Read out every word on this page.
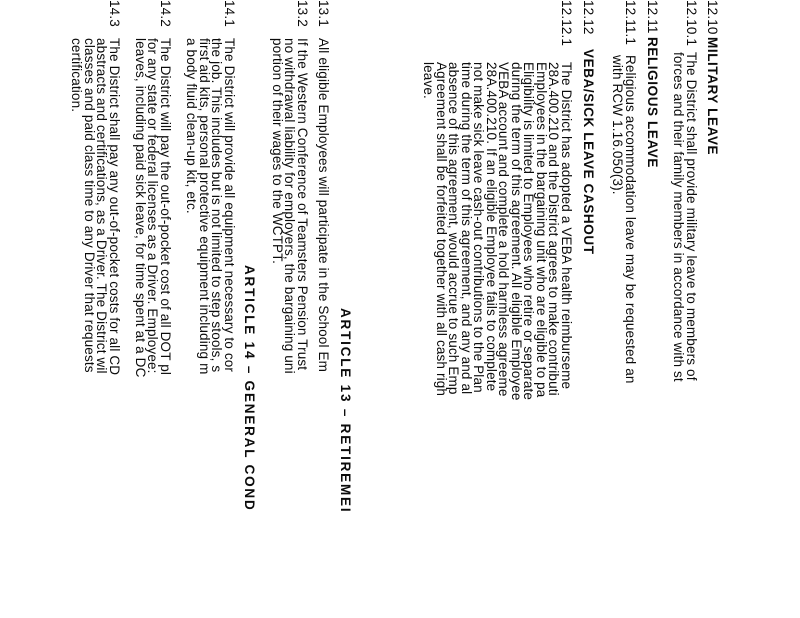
12.10
MILITARY LEAVE
12.10.1
The District shall provide military leave to members of
forces and their family members in accordance with st
12.11
RELIGIOUS LEAVE
12.11.1
Religious accommodation leave may be requested an
with RCW 1.16.050(3).
12.12
VEBA/SICK LEAVE CASHOUT
12.12.1
The District has adopted a VEBA health reimburseme
28A.400.210 and the District agrees to make contributi
Employees in the bargaining unit who are eligible to pa
Eligibility is limited to Employees who retire or separate
during the term of this agreement. All eligible Employee
VEBA account and complete a hold harmless agreeme
28A.400.210. If an eligible Employee fails to complete
not make sick leave cash-out contributions to the Plan
time during the term of this agreement, and any and al
absence of this agreement, would accrue to such Emp
Agreement shall be forfeited together with all cash righ
leave.
ARTICLE 13 – RETIREMEI
13.1
All eligible Employees will participate in the School Em
13.2
If the Western Conference of Teamsters Pension Trust
no withdrawal liability for employers, the bargaining uni
portion of their wages to the WCTPT.
ARTICLE 14 – GENERAL COND
14.1
The District will provide all equipment necessary to cor
the job. This includes but is not limited to step stools, s
first aid kits, personal protective equipment including m
a body fluid clean-up kit, etc.
14.2
The District will pay the out-of-pocket cost of all DOT pl
for any state or federal licenses as a Driver. Employee:
leaves, including paid sick leave, for time spent at a DC
14.3
The District shall pay any out-of-pocket costs for all CD
abstracts and certifications, as a Driver. The District wil
classes and paid class time to any Driver that requests
certification.
